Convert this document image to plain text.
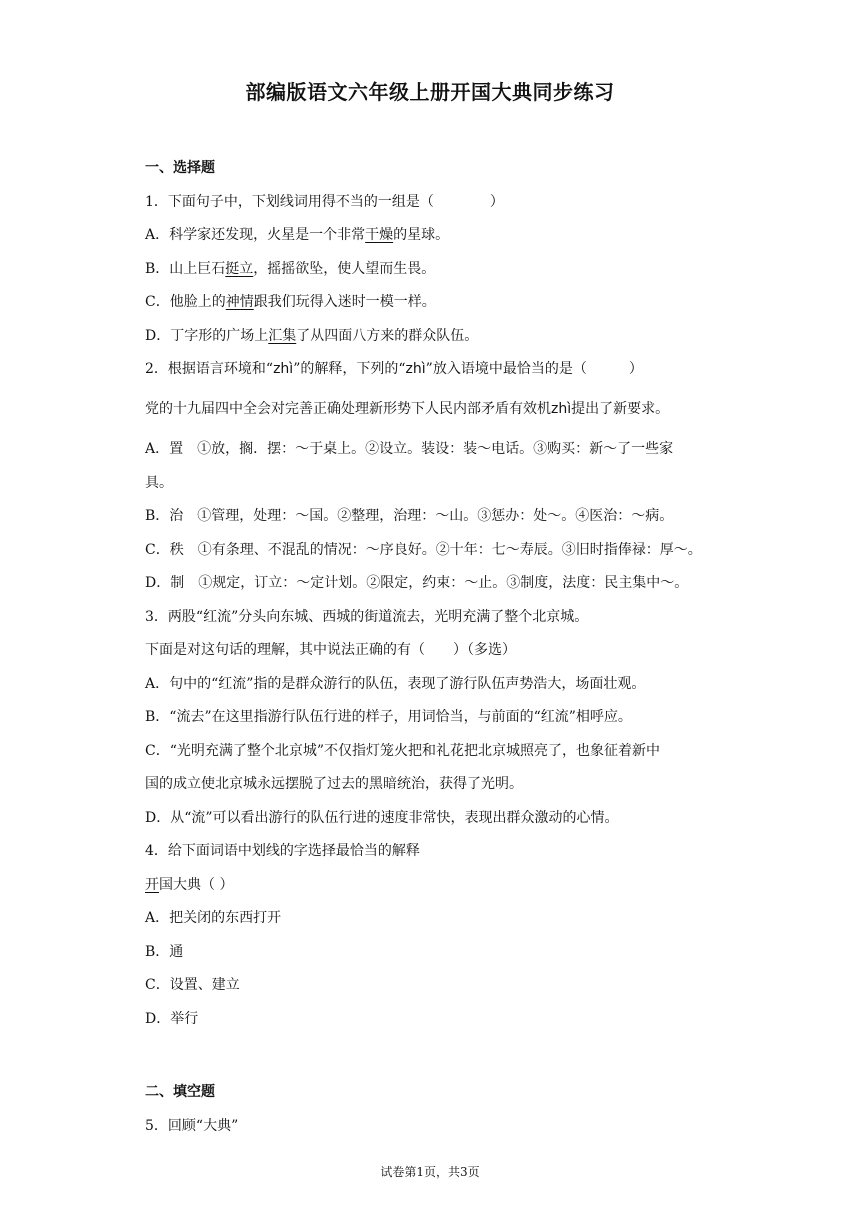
部编版语文六年级上册开国大典同步练习
一、选择题
1．下面句子中，下划线词用得不当的一组是（　　　　）
A．科学家还发现，火星是一个非常干燥的星球。
B．山上巨石挺立，摇摇欲坠，使人望而生畏。
C．他脸上的神情跟我们玩得入迷时一模一样。
D．丁字形的广场上汇集了从四面八方来的群众队伍。
2．根据语言环境和“zhì”的解释，下列的“zhì”放入语境中最恰当的是（　　　）
党的十九届四中全会对完善正确处理新形势下人民内部矛盾有效机zhì提出了新要求。
A．置　①放，搁．摆：～于桌上。②设立。装设：装～电话。③购买：新～了一些家
具。
B．治　①管理，处理：～国。②整理，治理：～山。③惩办：处～。④医治：～病。
C．秩　①有条理、不混乱的情况：～序良好。②十年：七～寿辰。③旧时指俸禄：厚～。
D．制　①规定，订立：～定计划。②限定，约束：～止。③制度，法度：民主集中～。
3．两股“红流”分头向东城、西城的街道流去，光明充满了整个北京城。
下面是对这句话的理解，其中说法正确的有（　　）（多选）
A．句中的“红流”指的是群众游行的队伍，表现了游行队伍声势浩大，场面壮观。
B．“流去”在这里指游行队伍行进的样子，用词恰当，与前面的“红流”相呼应。
C．“光明充满了整个北京城”不仅指灯笼火把和礼花把北京城照亮了，也象征着新中
国的成立使北京城永远摆脱了过去的黑暗统治，获得了光明。
D．从“流”可以看出游行的队伍行进的速度非常快，表现出群众激动的心情。
4．给下面词语中划线的字选择最恰当的解释
开国大典（ ）
A．把关闭的东西打开
B．通
C．设置、建立
D．举行
二、填空题
5．回顾“大典”
试卷第1页，共3页
